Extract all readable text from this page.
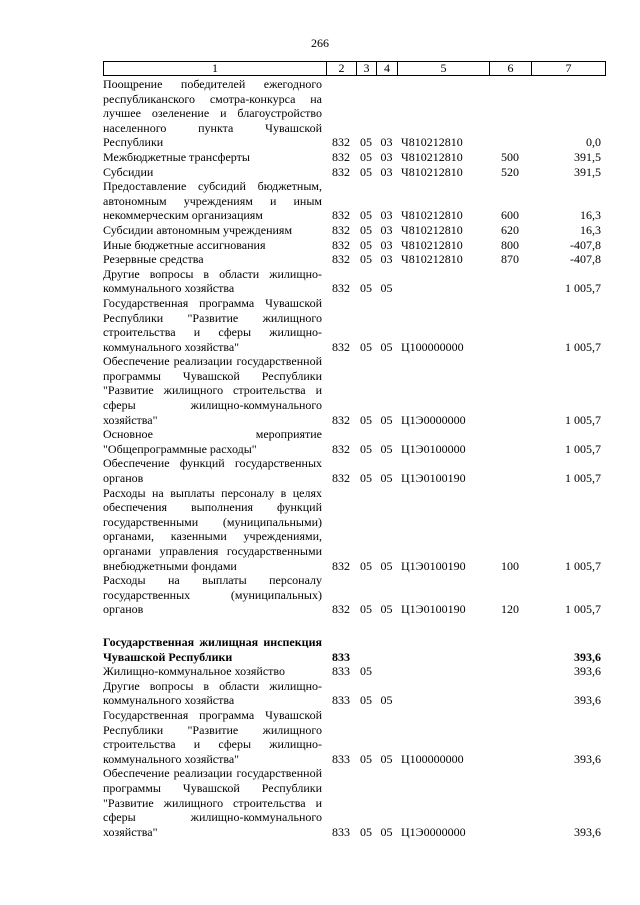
266
1	2	3	4	5	6	7
Поощрение победителей ежегодного республиканского смотра-конкурса на лучшее озеленение и благоустройство населенного пункта Чувашской Республики	832	05	03	Ч810212810		0,0
Межбюджетные трансферты	832	05	03	Ч810212810	500	391,5
Субсидии	832	05	03	Ч810212810	520	391,5
Предоставление субсидий бюджетным, автономным учреждениям и иным некоммерческим организациям	832	05	03	Ч810212810	600	16,3
Субсидии автономным учреждениям	832	05	03	Ч810212810	620	16,3
Иные бюджетные ассигнования	832	05	03	Ч810212810	800	-407,8
Резервные средства	832	05	03	Ч810212810	870	-407,8
Другие вопросы в области жилищно-коммунального хозяйства	832	05	05			1 005,7
Государственная программа Чувашской Республики "Развитие жилищного строительства и сферы жилищно-коммунального хозяйства"	832	05	05	Ц100000000		1 005,7
Обеспечение реализации государственной программы Чувашской Республики "Развитие жилищного строительства и сферы жилищно-коммунального хозяйства"	832	05	05	Ц1Э0000000		1 005,7
Основное мероприятие "Общепрограммные расходы"	832	05	05	Ц1Э0100000		1 005,7
Обеспечение функций государственных органов	832	05	05	Ц1Э0100190		1 005,7
Расходы на выплаты персоналу в целях обеспечения выполнения функций государственными (муниципальными) органами, казенными учреждениями, органами управления государственными внебюджетными фондами	832	05	05	Ц1Э0100190	100	1 005,7
Расходы на выплаты персоналу государственных (муниципальных) органов	832	05	05	Ц1Э0100190	120	1 005,7

Государственная жилищная инспекция Чувашской Республики	833					393,6
Жилищно-коммунальное хозяйство	833	05				393,6
Другие вопросы в области жилищно-коммунального хозяйства	833	05	05			393,6
Государственная программа Чувашской Республики "Развитие жилищного строительства и сферы жилищно-коммунального хозяйства"	833	05	05	Ц100000000		393,6
Обеспечение реализации государственной программы Чувашской Республики "Развитие жилищного строительства и сферы жилищно-коммунального хозяйства"	833	05	05	Ц1Э0000000		393,6
